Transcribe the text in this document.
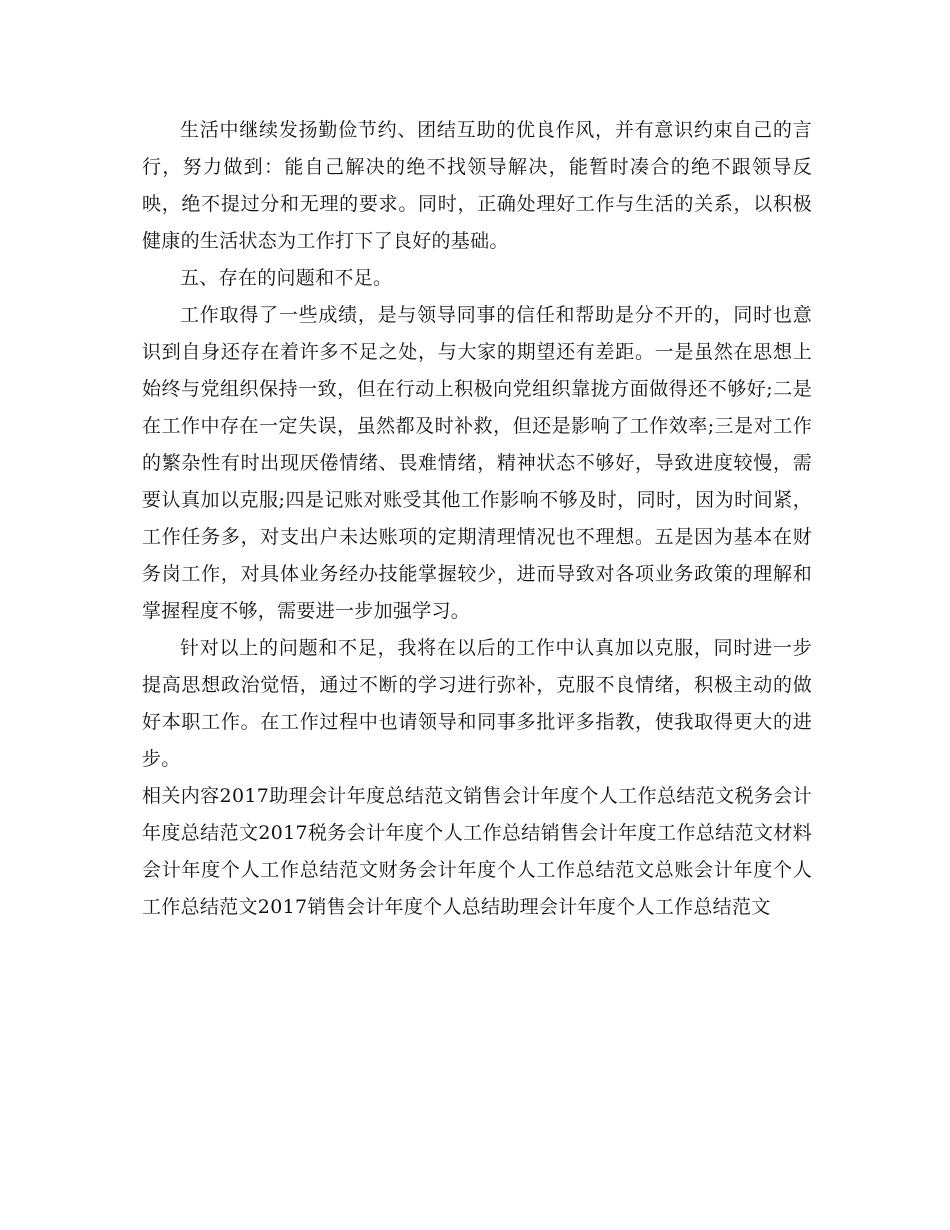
生活中继续发扬勤俭节约、团结互助的优良作风，并有意识约束自己的言行，努力做到：能自己解决的绝不找领导解决，能暂时凑合的绝不跟领导反映，绝不提过分和无理的要求。同时，正确处理好工作与生活的关系，以积极健康的生活状态为工作打下了良好的基础。

五、存在的问题和不足。

工作取得了一些成绩，是与领导同事的信任和帮助是分不开的，同时也意识到自身还存在着许多不足之处，与大家的期望还有差距。一是虽然在思想上始终与党组织保持一致，但在行动上积极向党组织靠拢方面做得还不够好;二是在工作中存在一定失误，虽然都及时补救，但还是影响了工作效率;三是对工作的繁杂性有时出现厌倦情绪、畏难情绪，精神状态不够好，导致进度较慢，需要认真加以克服;四是记账对账受其他工作影响不够及时，同时，因为时间紧，工作任务多，对支出户未达账项的定期清理情况也不理想。五是因为基本在财务岗工作，对具体业务经办技能掌握较少，进而导致对各项业务政策的理解和掌握程度不够，需要进一步加强学习。

针对以上的问题和不足，我将在以后的工作中认真加以克服，同时进一步提高思想政治觉悟，通过不断的学习进行弥补，克服不良情绪，积极主动的做好本职工作。在工作过程中也请领导和同事多批评多指教，使我取得更大的进步。

相关内容2017助理会计年度总结范文销售会计年度个人工作总结范文税务会计年度总结范文2017税务会计年度个人工作总结销售会计年度工作总结范文材料会计年度个人工作总结范文财务会计年度个人工作总结范文总账会计年度个人工作总结范文2017销售会计年度个人总结助理会计年度个人工作总结范文
